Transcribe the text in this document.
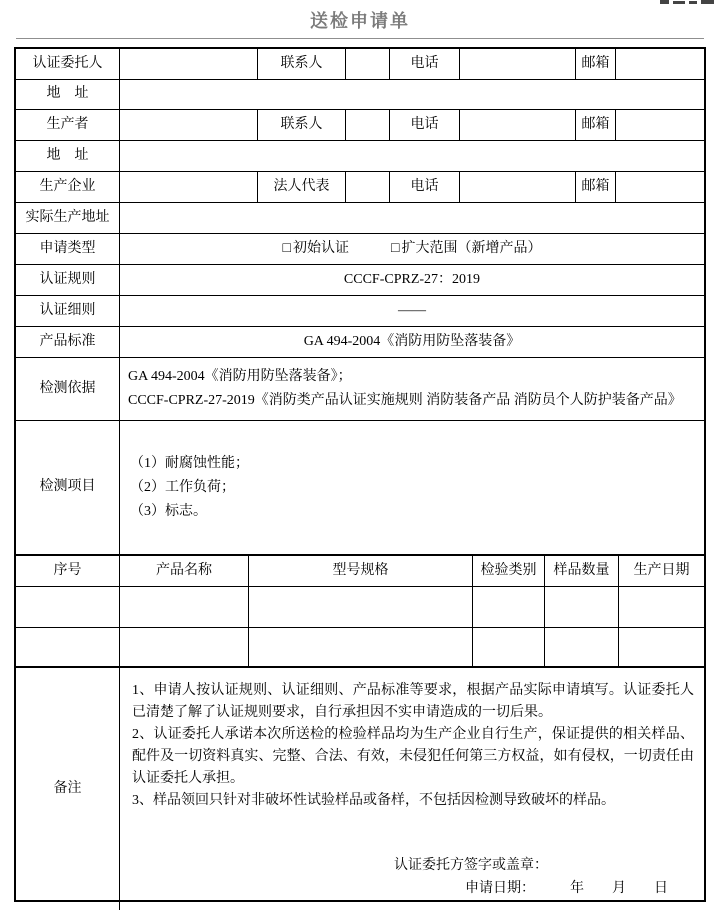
送检申请单
认证委托人	联系人	电话	邮箱
地　址
生产者	联系人	电话	邮箱
地　址
生产企业	法人代表	电话	邮箱
实际生产地址
申请类型	□ 初始认证	□ 扩大范围（新增产品）
认证规则	CCCF-CPRZ-27：2019
认证细则	——
产品标准	GA 494-2004《消防用防坠落装备》
检测依据
GA 494-2004《消防用防坠落装备》；
CCCF-CPRZ-27-2019《消防类产品认证实施规则 消防装备产品 消防员个人防护装备产品》
检测项目
（1）耐腐蚀性能；
（2）工作负荷；
（3）标志。
序号	产品名称	型号规格	检验类别	样品数量	生产日期
备注

1、申请人按认证规则、认证细则、产品标准等要求，根据产品实际申请填写。认证委托人已清楚了解了认证规则要求，自行承担因不实申请造成的一切后果。

2、认证委托人承诺本次所送检的检验样品均为生产企业自行生产，保证提供的相关样品、配件及一切资料真实、完整、合法、有效，未侵犯任何第三方权益，如有侵权，一切责任由认证委托人承担。

3、样品领回只针对非破坏性试验样品或备样，不包括因检测导致破坏的样品。

认证委托方签字或盖章：
申请日期：　　　年　　月　　日
